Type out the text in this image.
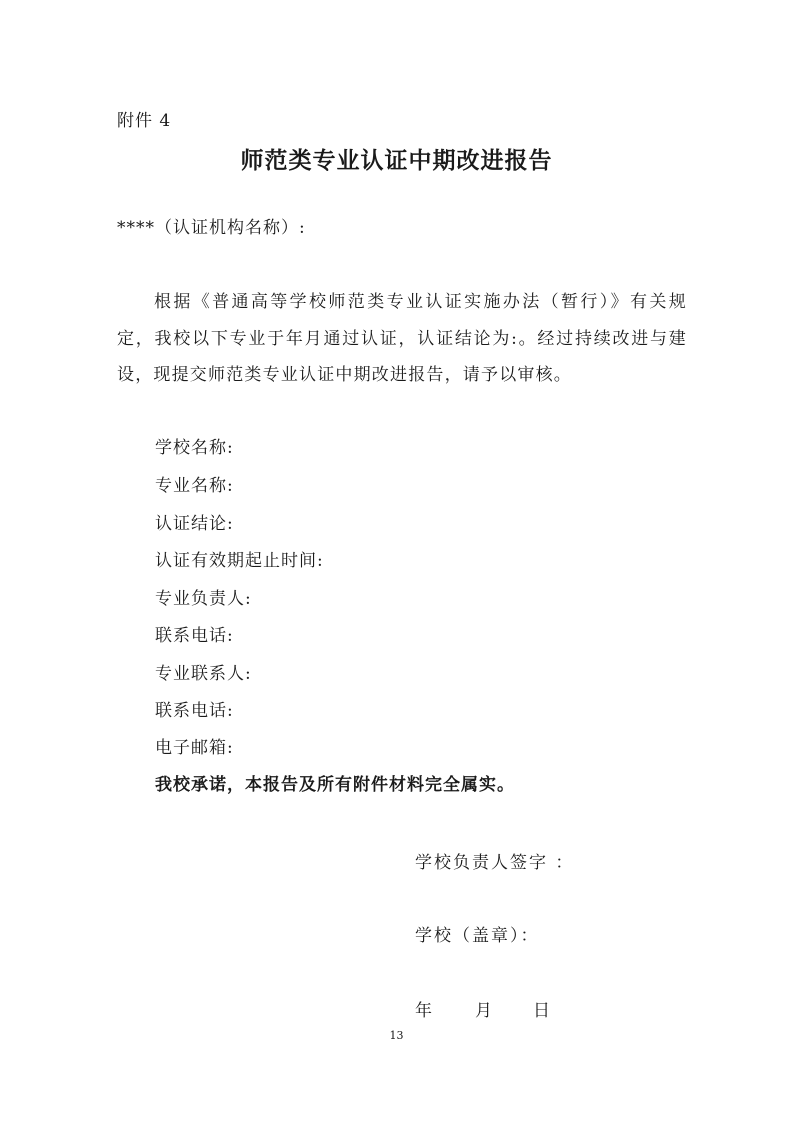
附件 4
师范类专业认证中期改进报告
****（认证机构名称）:
根据《普通高等学校师范类专业认证实施办法（暂行）》有关规定，我校以下专业于年月通过认证，认证结论为:。经过持续改进与建设，现提交师范类专业认证中期改进报告，请予以审核。
学校名称:
专业名称:
认证结论:
认证有效期起止时间:
专业负责人:
联系电话:
专业联系人:
联系电话:
电子邮箱:
我校承诺，本报告及所有附件材料完全属实。
学校负责人签字 ：
学校（盖章）：
年	月 日
13
